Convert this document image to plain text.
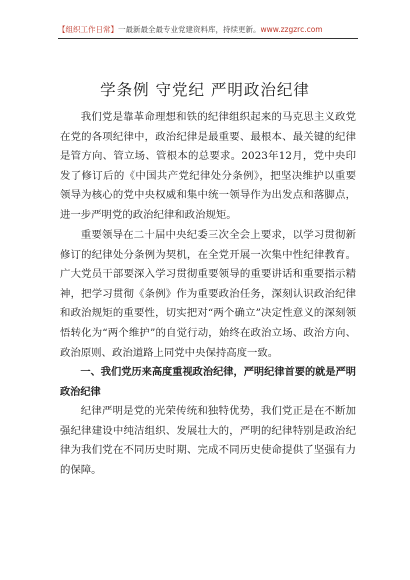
【组织工作日常】一最新最全最专业党建资料库，持续更新。www.zzgzrc.com
学条例 守党纪 严明政治纪律

我们党是靠革命理想和铁的纪律组织起来的马克思主义政党在党的各项纪律中，政治纪律是最重要、最根本、最关键的纪律是管方向、管立场、管根本的总要求。2023年12月，党中央印发了修订后的《中国共产党纪律处分条例》，把坚决维护以重要领导为核心的党中央权威和集中统一领导作为出发点和落脚点，进一步严明党的政治纪律和政治规矩。

重要领导在二十届中央纪委三次全会上要求，以学习贯彻新修订的纪律处分条例为契机，在全党开展一次集中性纪律教育。广大党员干部要深入学习贯彻重要领导的重要讲话和重要指示精神，把学习贯彻《条例》作为重要政治任务，深刻认识政治纪律和政治规矩的重要性，切实把对“两个确立”决定性意义的深刻领悟转化为“两个维护”的自觉行动，始终在政治立场、政治方向、政治原则、政治道路上同党中央保持高度一致。

一、我们党历来高度重视政治纪律，严明纪律首要的就是严明政治纪律

纪律严明是党的光荣传统和独特优势，我们党正是在不断加强纪律建设中纯洁组织、发展壮大的，严明的纪律特别是政治纪律为我们党在不同历史时期、完成不同历史使命提供了坚强有力的保障。
